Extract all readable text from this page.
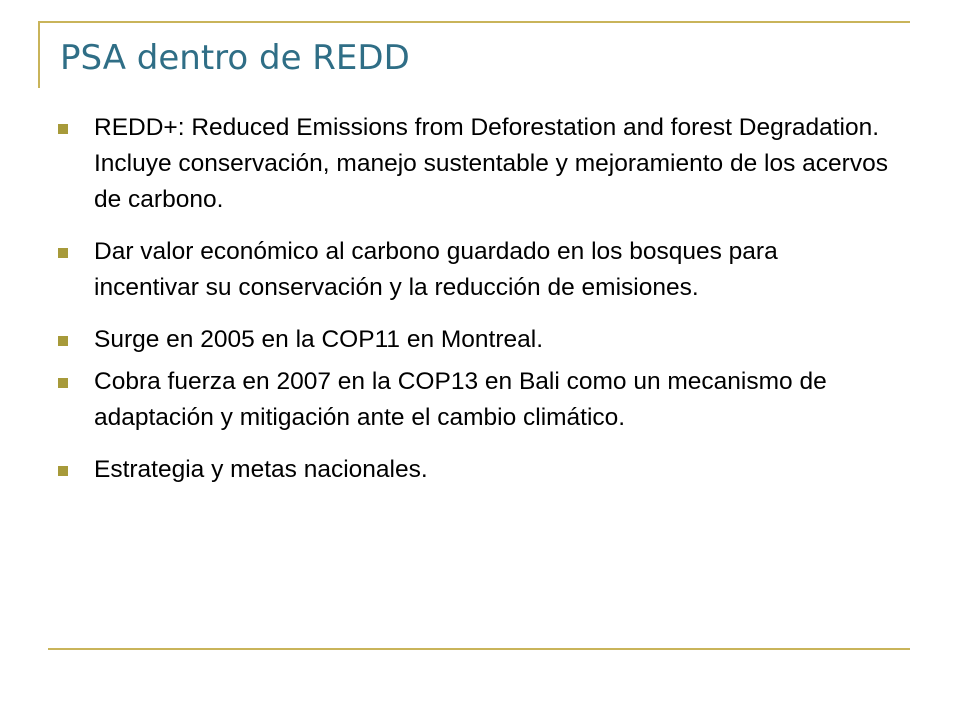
PSA dentro de REDD
REDD+: Reduced Emissions from Deforestation and forest Degradation. Incluye conservación, manejo sustentable y mejoramiento de los acervos de carbono.
Dar valor económico al carbono guardado en los bosques para incentivar su conservación y la reducción de emisiones.
Surge en 2005 en la COP11 en Montreal.
Cobra fuerza en 2007 en la COP13 en Bali como un mecanismo de adaptación y mitigación ante el cambio climático.
Estrategia y metas nacionales.
